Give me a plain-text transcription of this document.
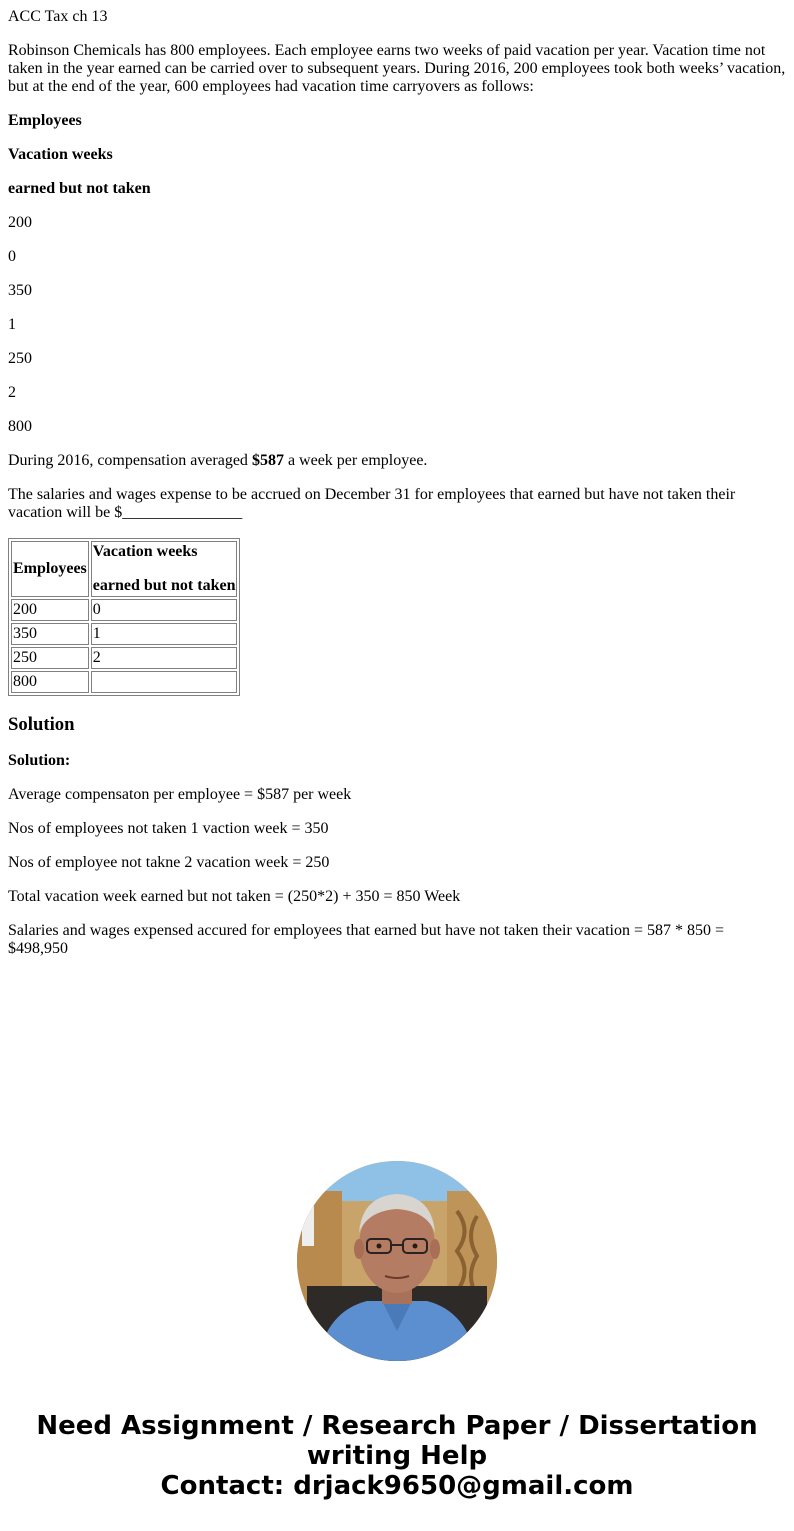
ACC Tax ch 13

Robinson Chemicals has 800 employees. Each employee earns two weeks of paid vacation per year. Vacation time not taken in the year earned can be carried over to subsequent years. During 2016, 200 employees took both weeks’ vacation, but at the end of the year, 600 employees had vacation time carryovers as follows:

Employees

Vacation weeks

earned but not taken

200

0

350

1

250

2

800

During 2016, compensation averaged $587 a week per employee.

The salaries and wages expense to be accrued on December 31 for employees that earned but have not taken their vacation will be $_______________

Employees	Vacation weeks

earned but not taken

200	0
350	1
250	2
800	
Solution

Solution:

Average compensaton per employee = $587 per week

Nos of employees not taken 1 vaction week = 350

Nos of employee not takne 2 vacation week = 250

Total vacation week earned but not taken = (250*2) + 350 = 850 Week

Salaries and wages expensed accured for employees that earned but have not taken their vacation = 587 * 850 = $498,950

Need Assignment / Research Paper / Dissertation
writing Help
Contact: drjack9650@gmail.com
